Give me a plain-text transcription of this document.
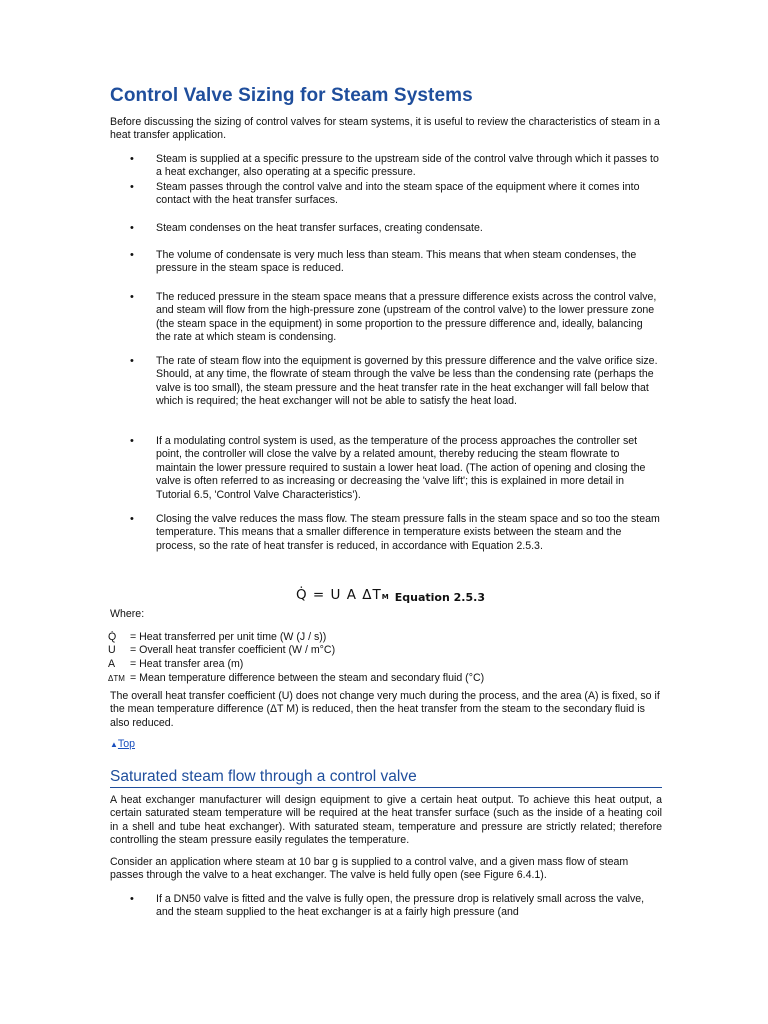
Control Valve Sizing for Steam Systems

Before discussing the sizing of control valves for steam systems, it is useful to review the characteristics of steam in a heat transfer application.

• Steam is supplied at a specific pressure to the upstream side of the control valve through which it passes to a heat exchanger, also operating at a specific pressure.

• Steam passes through the control valve and into the steam space of the equipment where it comes into contact with the heat transfer surfaces.

• Steam condenses on the heat transfer surfaces, creating condensate.

• The volume of condensate is very much less than steam. This means that when steam condenses, the pressure in the steam space is reduced.

• The reduced pressure in the steam space means that a pressure difference exists across the control valve, and steam will flow from the high-pressure zone (upstream of the control valve) to the lower pressure zone (the steam space in the equipment) in some proportion to the pressure difference and, ideally, balancing the rate at which steam is condensing.

• The rate of steam flow into the equipment is governed by this pressure difference and the valve orifice size. Should, at any time, the flowrate of steam through the valve be less than the condensing rate (perhaps the valve is too small), the steam pressure and the heat transfer rate in the heat exchanger will fall below that which is required; the heat exchanger will not be able to satisfy the heat load.

• If a modulating control system is used, as the temperature of the process approaches the controller set point, the controller will close the valve by a related amount, thereby reducing the steam flowrate to maintain the lower pressure required to sustain a lower heat load. (The action of opening and closing the valve is often referred to as increasing or decreasing the 'valve lift'; this is explained in more detail in Tutorial 6.5, 'Control Valve Characteristics').

• Closing the valve reduces the mass flow. The steam pressure falls in the steam space and so too the steam temperature. This means that a smaller difference in temperature exists between the steam and the process, so the rate of heat transfer is reduced, in accordance with Equation 2.5.3.

Q̇ = U A ΔTM Equation 2.5.3
Where:
Q̇ = Heat transferred per unit time (W (J / s))
U = Overall heat transfer coefficient (W / m°C)
A = Heat transfer area (m)
ΔTM = Mean temperature difference between the steam and secondary fluid (°C)

The overall heat transfer coefficient (U) does not change very much during the process, and the area (A) is fixed, so if the mean temperature difference (ΔT M) is reduced, then the heat transfer from the steam to the secondary fluid is also reduced.

▲Top
Saturated steam flow through a control valve

A heat exchanger manufacturer will design equipment to give a certain heat output. To achieve this heat output, a certain saturated steam temperature will be required at the heat transfer surface (such as the inside of a heating coil in a shell and tube heat exchanger). With saturated steam, temperature and pressure are strictly related; therefore controlling the steam pressure easily regulates the temperature.

Consider an application where steam at 10 bar g is supplied to a control valve, and a given mass flow of steam passes through the valve to a heat exchanger. The valve is held fully open (see Figure 6.4.1).

• If a DN50 valve is fitted and the valve is fully open, the pressure drop is relatively small across the valve, and the steam supplied to the heat exchanger is at a fairly high pressure (and
